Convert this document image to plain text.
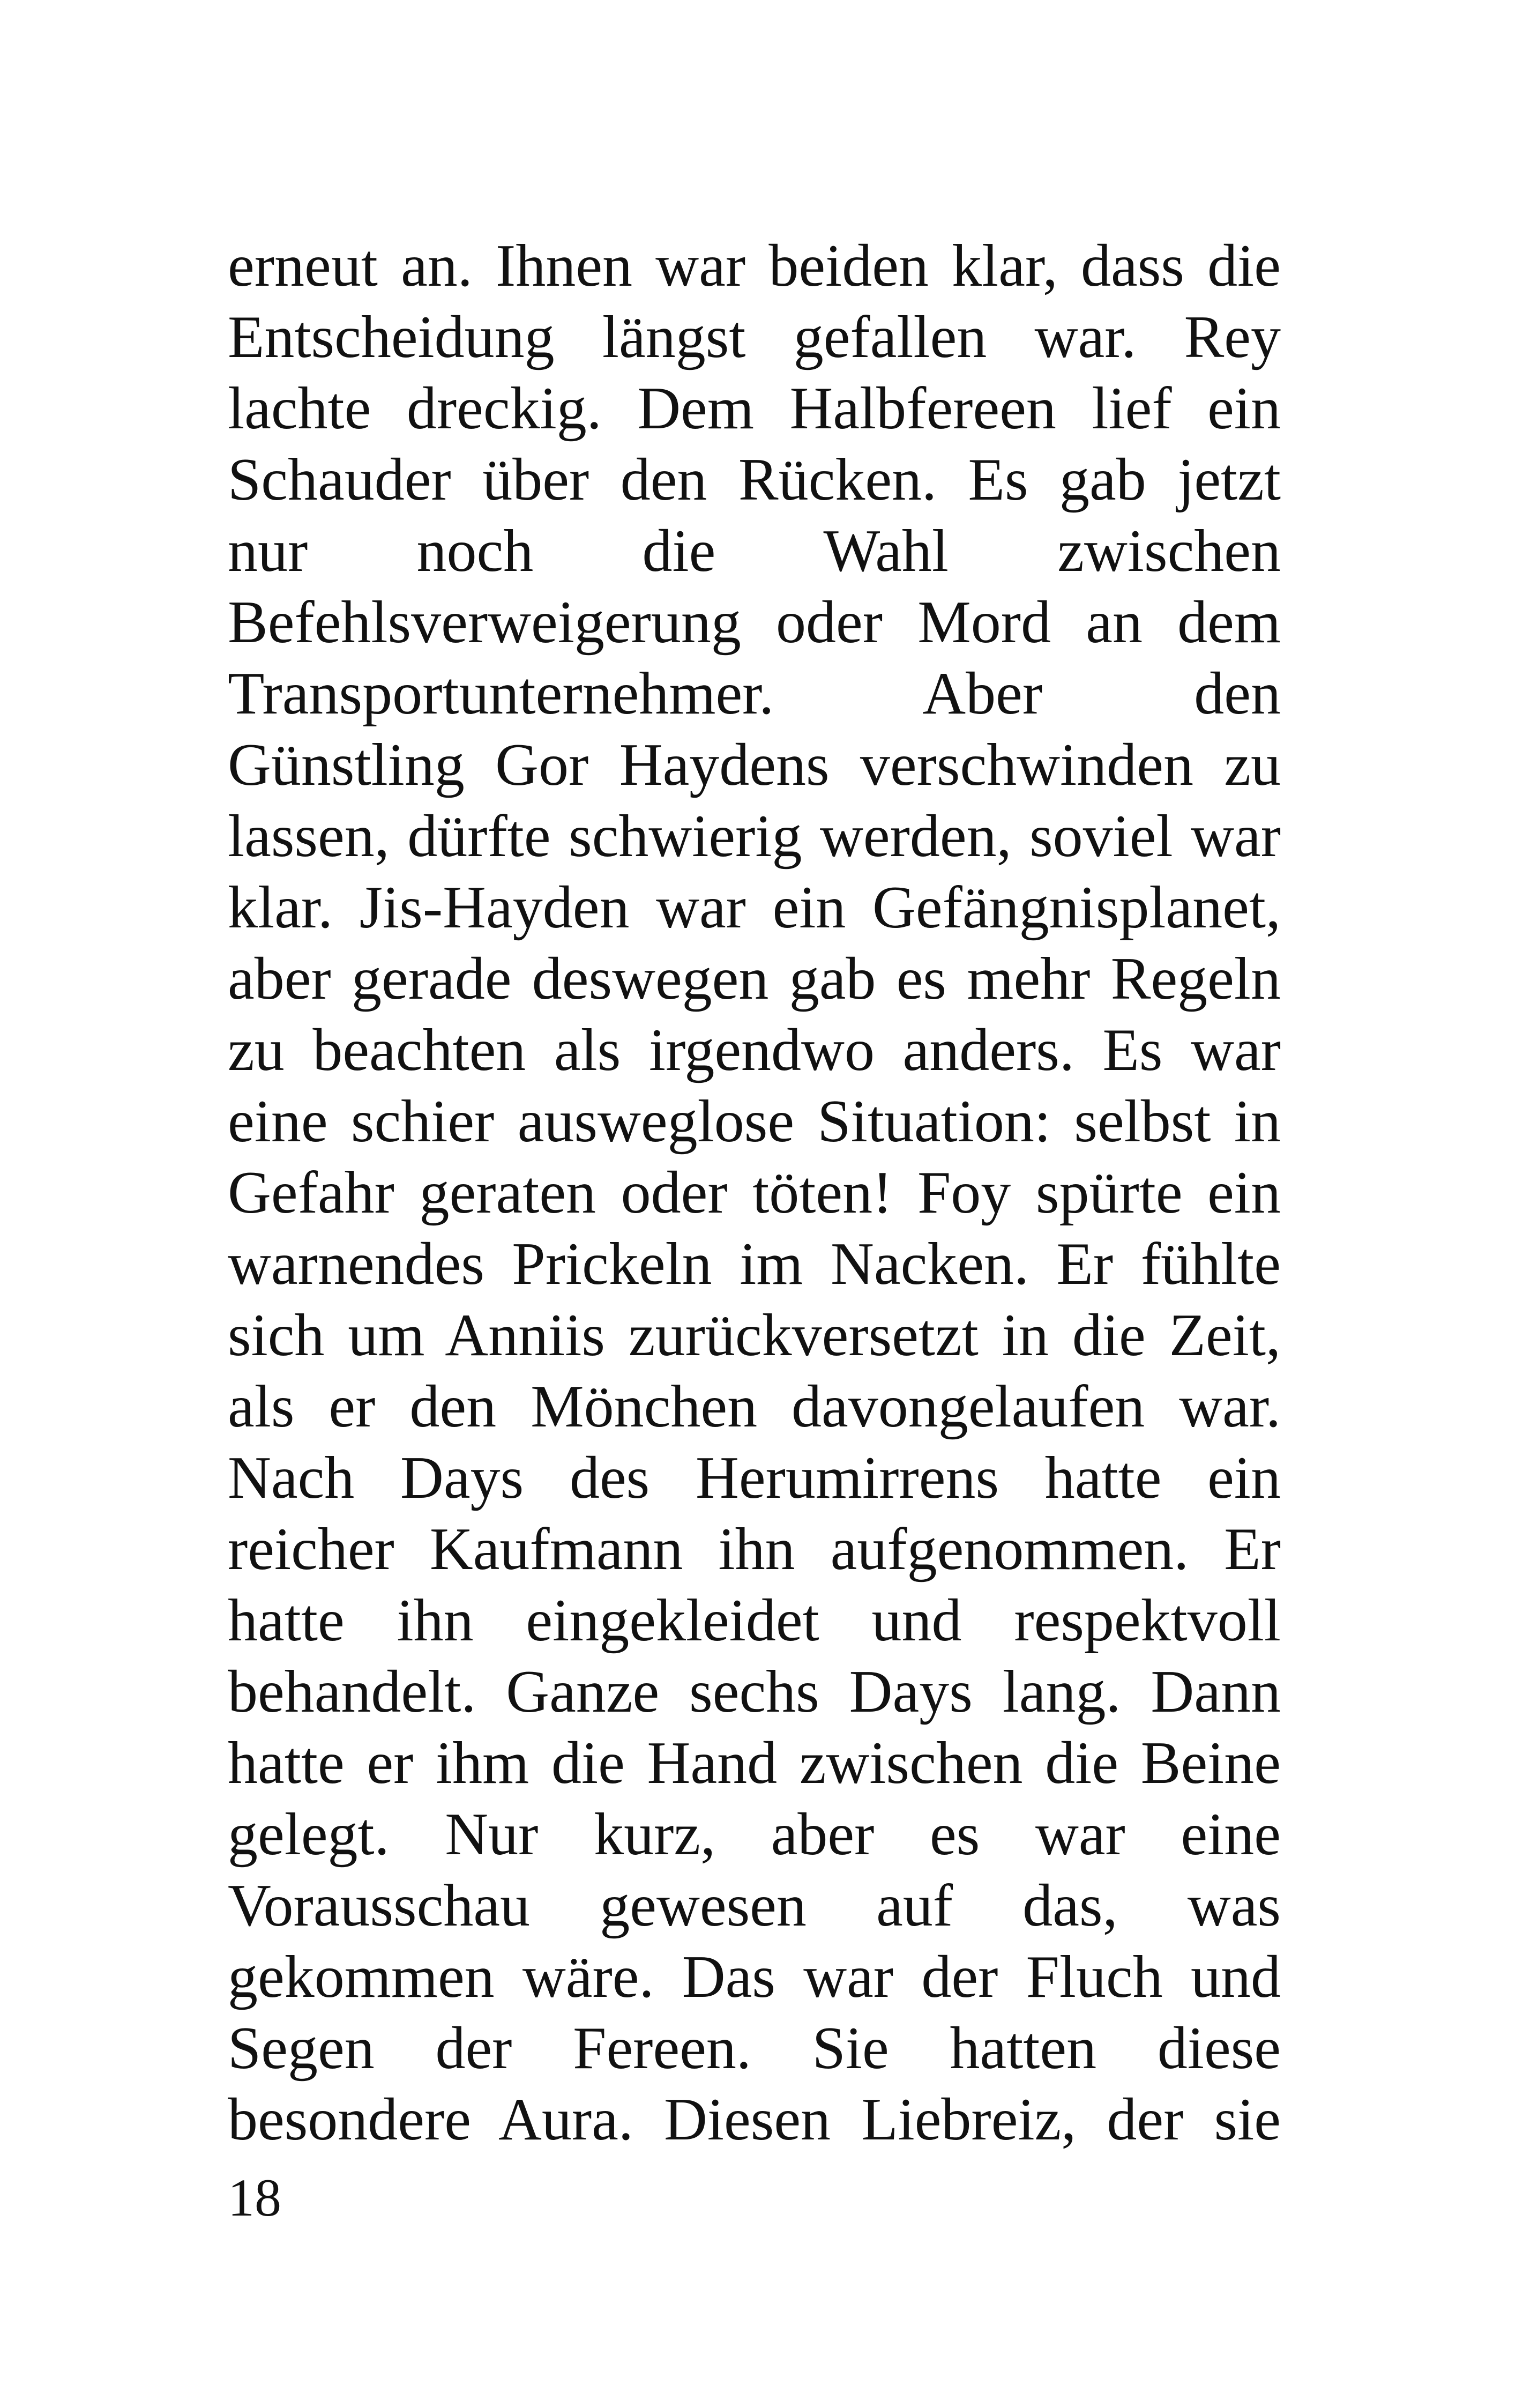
erneut an. Ihnen war beiden klar, dass die
Entscheidung längst gefallen war. Rey
lachte dreckig. Dem Halbfereen lief ein
Schauder über den Rücken. Es gab jetzt
nur noch die Wahl zwischen
Befehlsverweigerung oder Mord an dem
Transportunternehmer. Aber den
Günstling Gor Haydens verschwinden zu
lassen, dürfte schwierig werden, soviel war
klar. Jis-Hayden war ein Gefängnisplanet,
aber gerade deswegen gab es mehr Regeln
zu beachten als irgendwo anders. Es war
eine schier ausweglose Situation: selbst in
Gefahr geraten oder töten! Foy spürte ein
warnendes Prickeln im Nacken. Er fühlte
sich um Anniis zurückversetzt in die Zeit,
als er den Mönchen davongelaufen war.
Nach Days des Herumirrens hatte ein
reicher Kaufmann ihn aufgenommen. Er
hatte ihn eingekleidet und respektvoll
behandelt. Ganze sechs Days lang. Dann
hatte er ihm die Hand zwischen die Beine
gelegt. Nur kurz, aber es war eine
Vorausschau gewesen auf das, was
gekommen wäre. Das war der Fluch und
Segen der Fereen. Sie hatten diese
besondere Aura. Diesen Liebreiz, der sie
18
